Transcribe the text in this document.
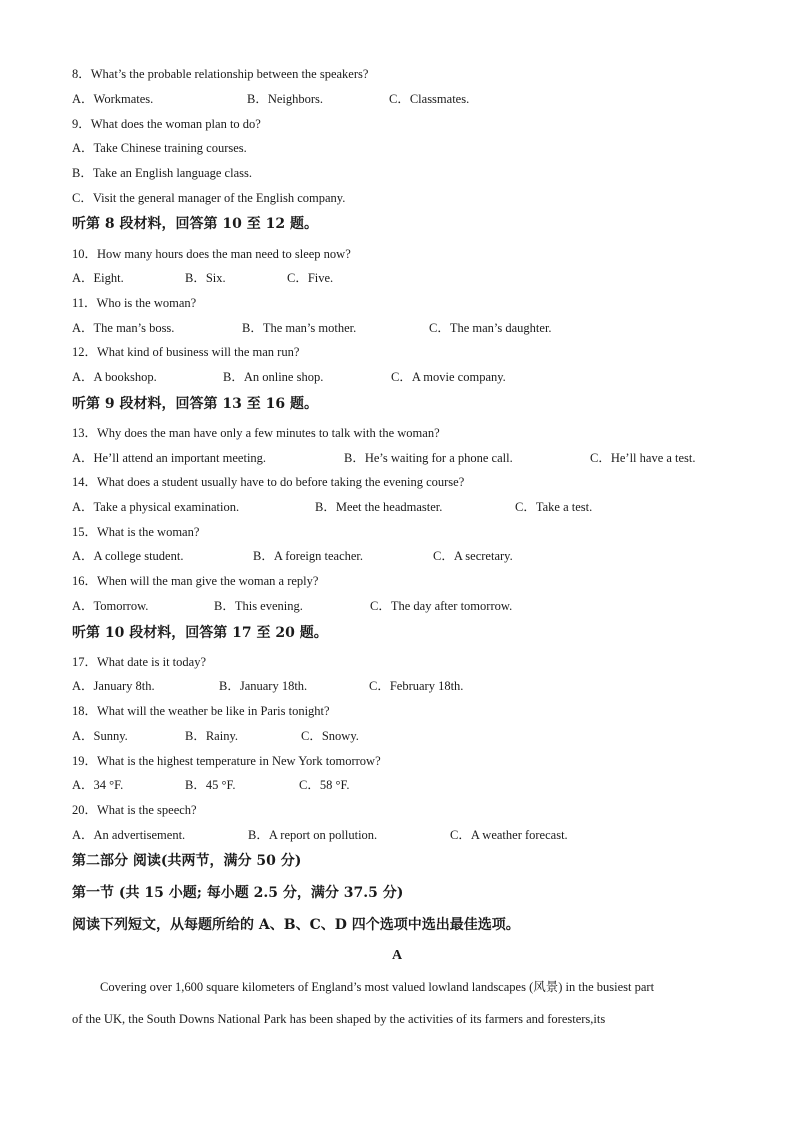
8．What’s the probable relationship between the speakers?
A．Workmates.	B．Neighbors.	C．Classmates.
9．What does the woman plan to do?
A．Take Chinese training courses.
B．Take an English language class.
C．Visit the general manager of the English company.
听第 8 段材料，回答第 10 至 12 题。
10．How many hours does the man need to sleep now?
A．Eight.	B．Six.	C．Five.
11．Who is the woman?
A．The man’s boss.	B．The man’s mother.	C．The man’s daughter.
12．What kind of business will the man run?
A．A bookshop.	B．An online shop.	C．A movie company.
听第 9 段材料，回答第 13 至 16 题。
13．Why does the man have only a few minutes to talk with the woman?
A．He’ll attend an important meeting.	B．He’s waiting for a phone call.	C．He’ll have a test.
14．What does a student usually have to do before taking the evening course?
A．Take a physical examination.	B．Meet the headmaster.	C．Take a test.
15．What is the woman?
A．A college student.	B．A foreign teacher.	C．A secretary.
16．When will the man give the woman a reply?
A．Tomorrow.	B．This evening.	C．The day after tomorrow.
听第 10 段材料，回答第 17 至 20 题。
17．What date is it today?
A．January 8th.	B．January 18th.	C．February 18th.
18．What will the weather be like in Paris tonight?
A．Sunny.	B．Rainy.	C．Snowy.
19．What is the highest temperature in New York tomorrow?
A．34 °F.	B．45 °F.	C．58 °F.
20．What is the speech?
A．An advertisement.	B．A report on pollution.	C．A weather forecast.
第二部分 阅读(共两节，满分 50 分)
第一节 (共 15 小题; 每小题 2.5 分，满分 37.5 分)
阅读下列短文，从每题所给的 A、B、C、D 四个选项中选出最佳选项。
A
Covering over 1,600 square kilometers of England’s most valued lowland landscapes (风景) in the busiest part
of the UK, the South Downs National Park has been shaped by the activities of its farmers and foresters,its
